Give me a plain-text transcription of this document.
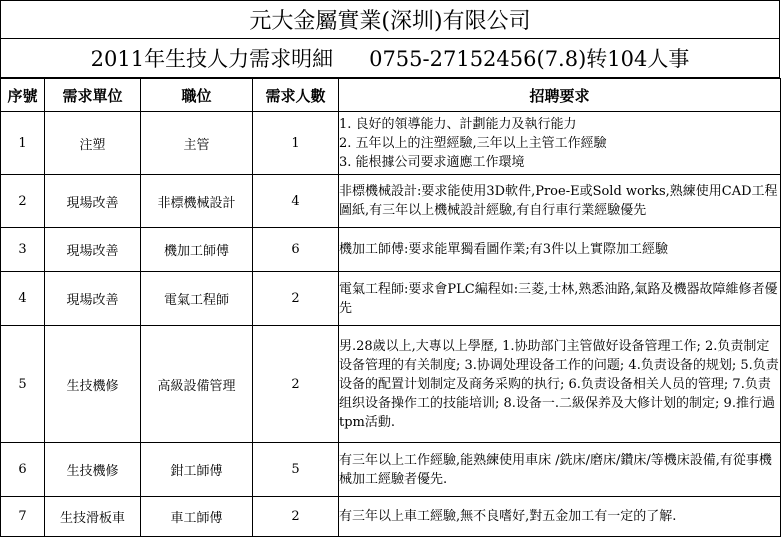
元大金屬實業(深圳)有限公司
2011年生技人力需求明細 0755-27152456(7.8)转104人事
序號	需求單位	職位	需求人數	招聘要求
1	注塑	主管	1	1. 良好的領導能力、計劃能力及執行能力
2. 五年以上的注塑經驗,三年以上主管工作經驗
3. 能根據公司要求適應工作環境

2	現場改善	非標機械設計	4	非標機械設計:要求能使用3D軟件,Proe-E或Sold works,熟練使用CAD工程圖紙,有三年以上機械設計經驗,有自行車行業經驗優先
3	現場改善	機加工師傅	6	機加工師傅:要求能單獨看圖作業;有3件以上實際加工經驗
4	現場改善	電氣工程師	2	電氣工程師:要求會PLC編程如:三菱,士林,熟悉油路,氣路及機器故障維修者優先
5	生技機修	高級設備管理	2	男.28歲以上,大專以上學歷, 1.协助部门主管做好设备管理工作; 2.负责制定设备管理的有关制度; 3.协调处理设备工作的问题; 4.负责设备的规划; 5.负责设备的配置计划制定及商务采购的执行; 6.负责设备相关人员的管理; 7.负责组织设备操作工的技能培训; 8.设备一.二級保养及大修计划的制定; 9.推行過tpm活動.
6	生技機修	鉗工師傅	5	有三年以上工作經驗,能熟練使用車床 /銑床/磨床/鑽床/等機床設備,有從事機械加工經驗者優先.
7	生技滑板車	車工師傅	2	有三年以上車工經驗,無不良嗜好,對五金加工有一定的了解.
